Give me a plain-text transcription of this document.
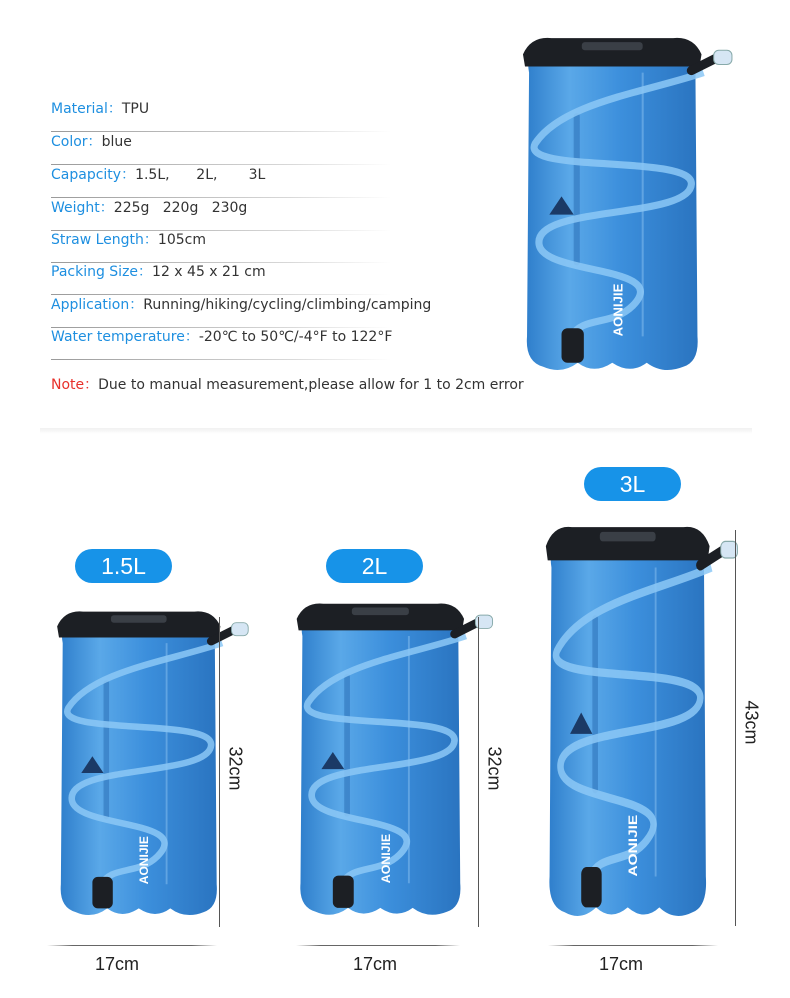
Material：TPU
Color：blue
Capapcity：1.5L,      2L,       3L
Weight：225g   220g   230g
Straw Length：105cm
Packing Size：12 x 45 x 21 cm
Application：Running/hiking/cycling/climbing/camping
Water temperature：-20℃ to 50℃/-4°F to 122°F
Note：Due to manual measurement,please allow for 1 to 2cm error
AONIJIE
1.5L
AONIJIE
32cm
17cm
2L
AONIJIE
32cm
17cm
3L
AONIJIE
43cm
17cm
